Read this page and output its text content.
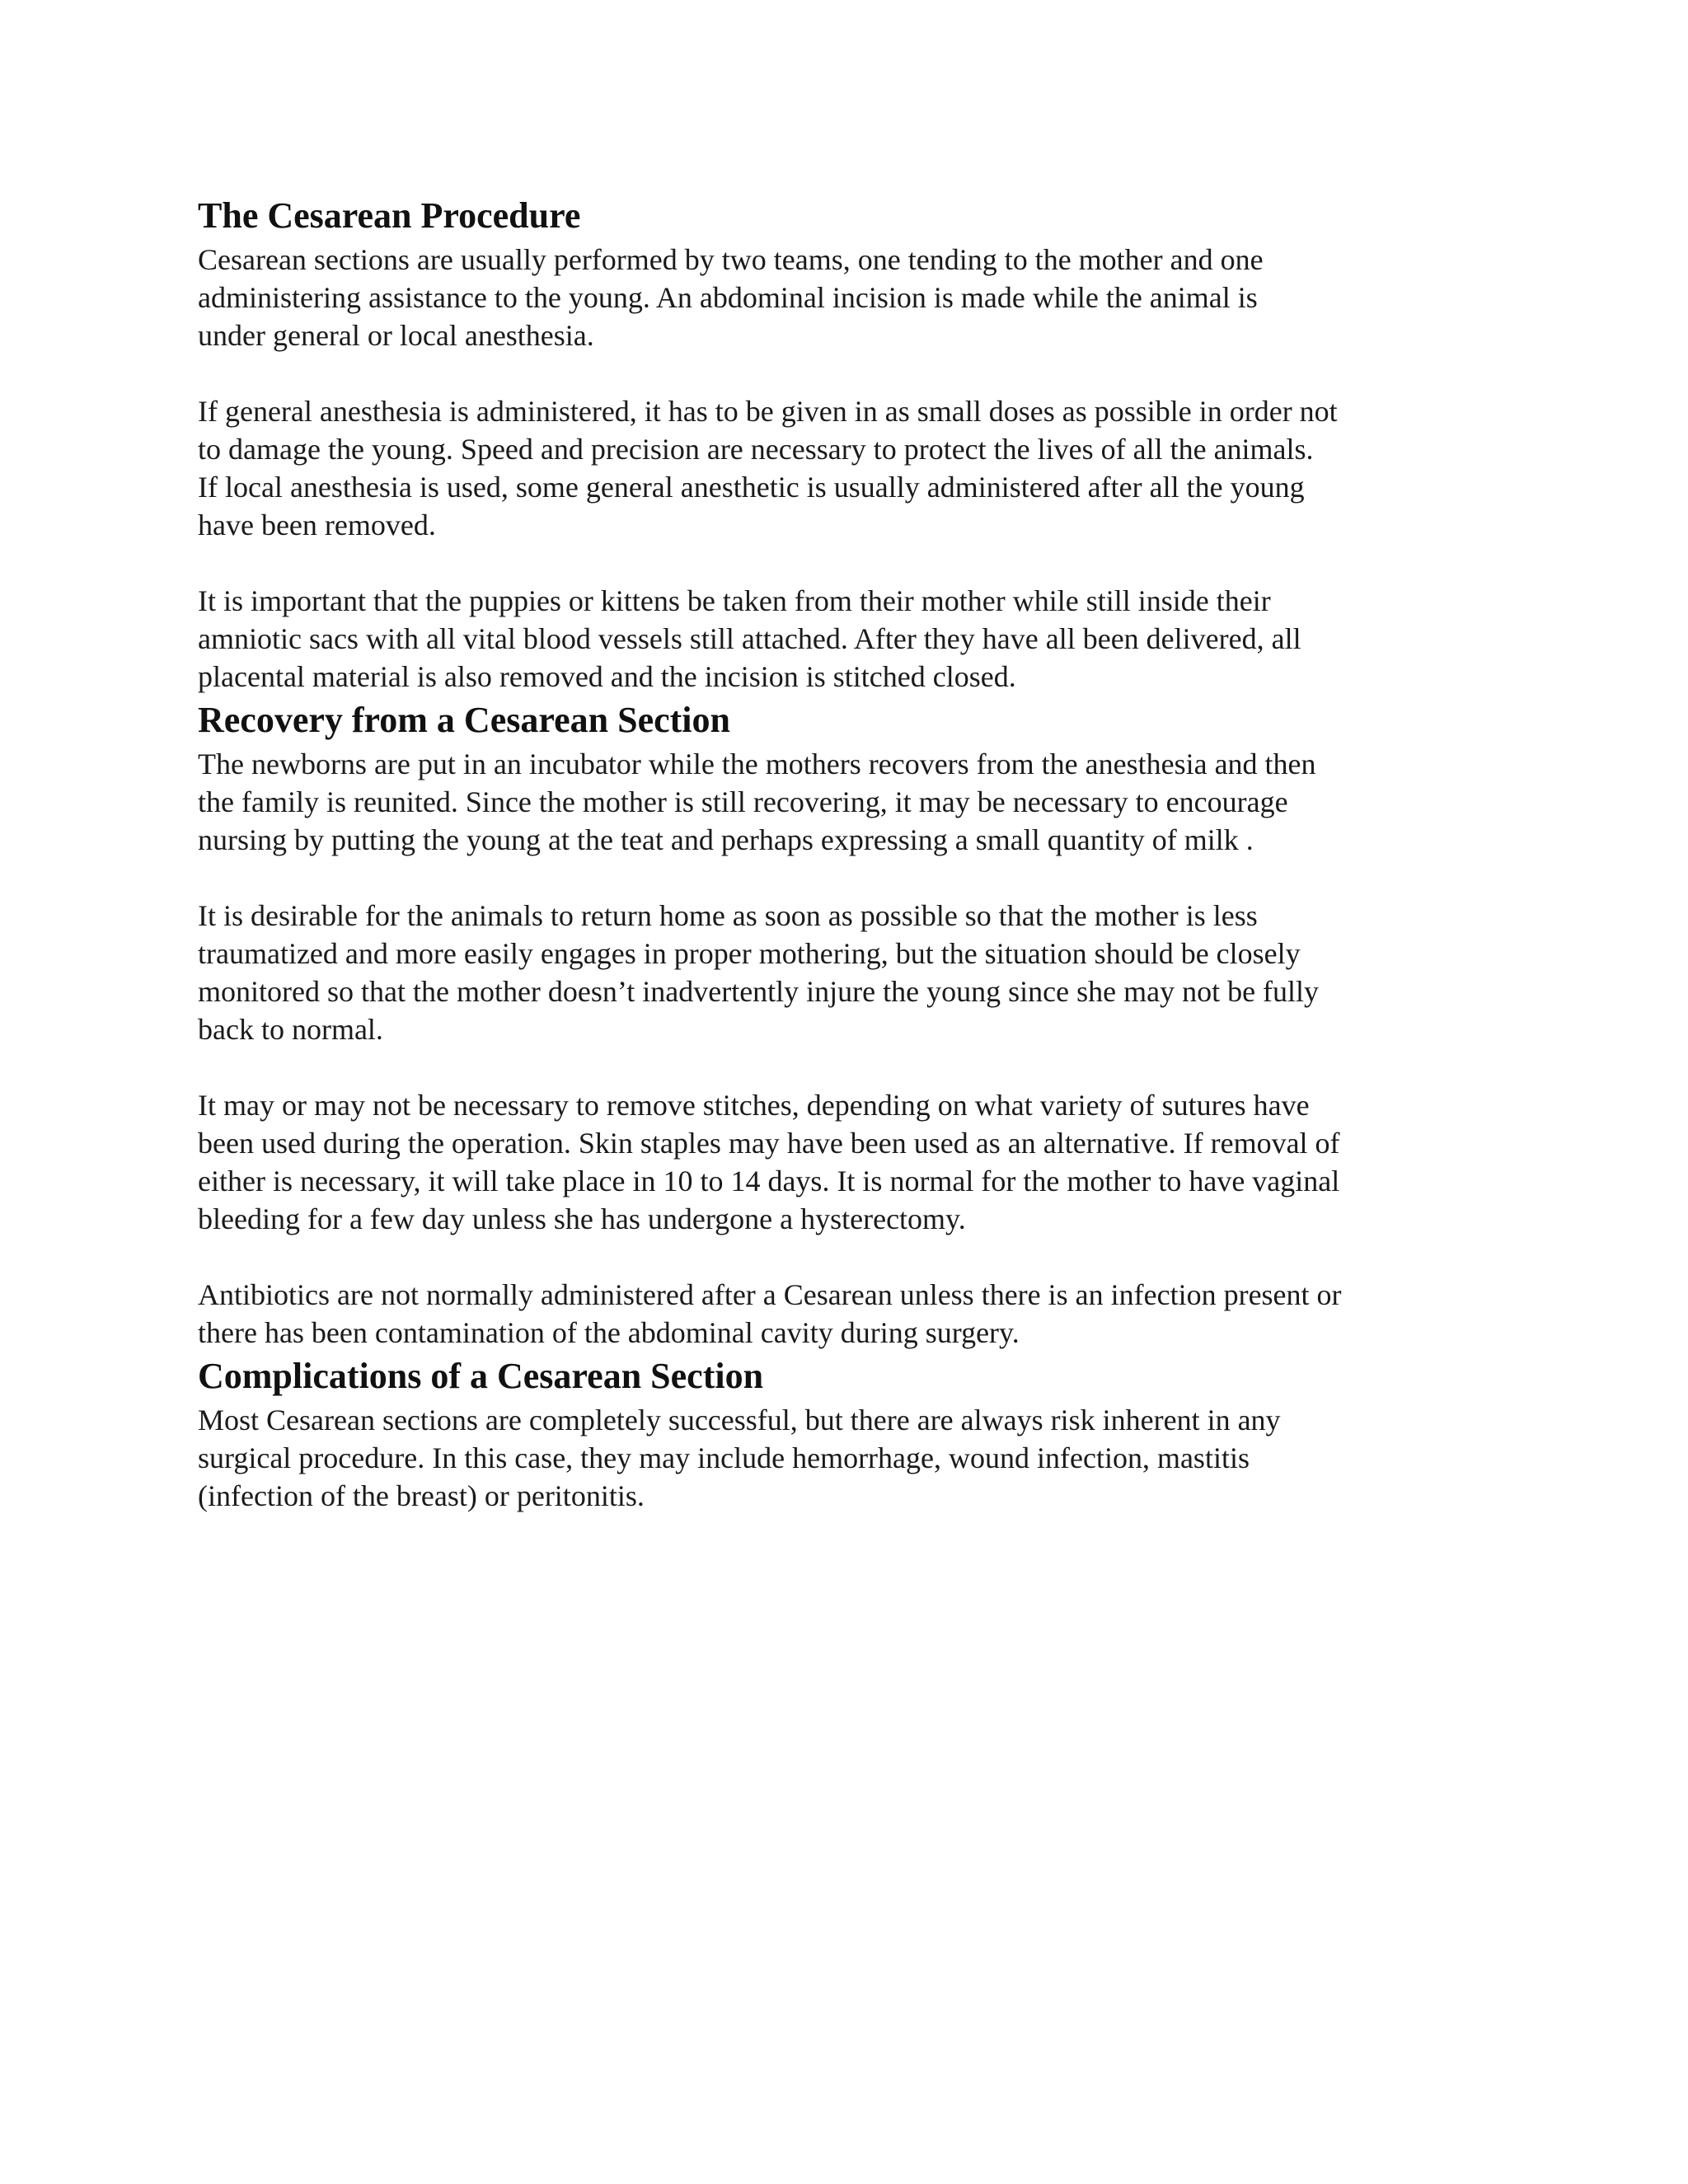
The Cesarean Procedure

Cesarean sections are usually performed by two teams, one tending to the mother and one
administering assistance to the young. An abdominal incision is made while the animal is
under general or local anesthesia.

If general anesthesia is administered, it has to be given in as small doses as possible in order not
to damage the young. Speed and precision are necessary to protect the lives of all the animals.
If local anesthesia is used, some general anesthetic is usually administered after all the young
have been removed.

It is important that the puppies or kittens be taken from their mother while still inside their
amniotic sacs with all vital blood vessels still attached. After they have all been delivered, all
placental material is also removed and the incision is stitched closed.

Recovery from a Cesarean Section

The newborns are put in an incubator while the mothers recovers from the anesthesia and then
the family is reunited. Since the mother is still recovering, it may be necessary to encourage
nursing by putting the young at the teat and perhaps expressing a small quantity of milk .

It is desirable for the animals to return home as soon as possible so that the mother is less
traumatized and more easily engages in proper mothering, but the situation should be closely
monitored so that the mother doesn’t inadvertently injure the young since she may not be fully
back to normal.

It may or may not be necessary to remove stitches, depending on what variety of sutures have
been used during the operation. Skin staples may have been used as an alternative. If removal of
either is necessary, it will take place in 10 to 14 days. It is normal for the mother to have vaginal
bleeding for a few day unless she has undergone a hysterectomy.

Antibiotics are not normally administered after a Cesarean unless there is an infection present or
there has been contamination of the abdominal cavity during surgery.

Complications of a Cesarean Section

Most Cesarean sections are completely successful, but there are always risk inherent in any
surgical procedure. In this case, they may include hemorrhage, wound infection, mastitis
(infection of the breast) or peritonitis.
